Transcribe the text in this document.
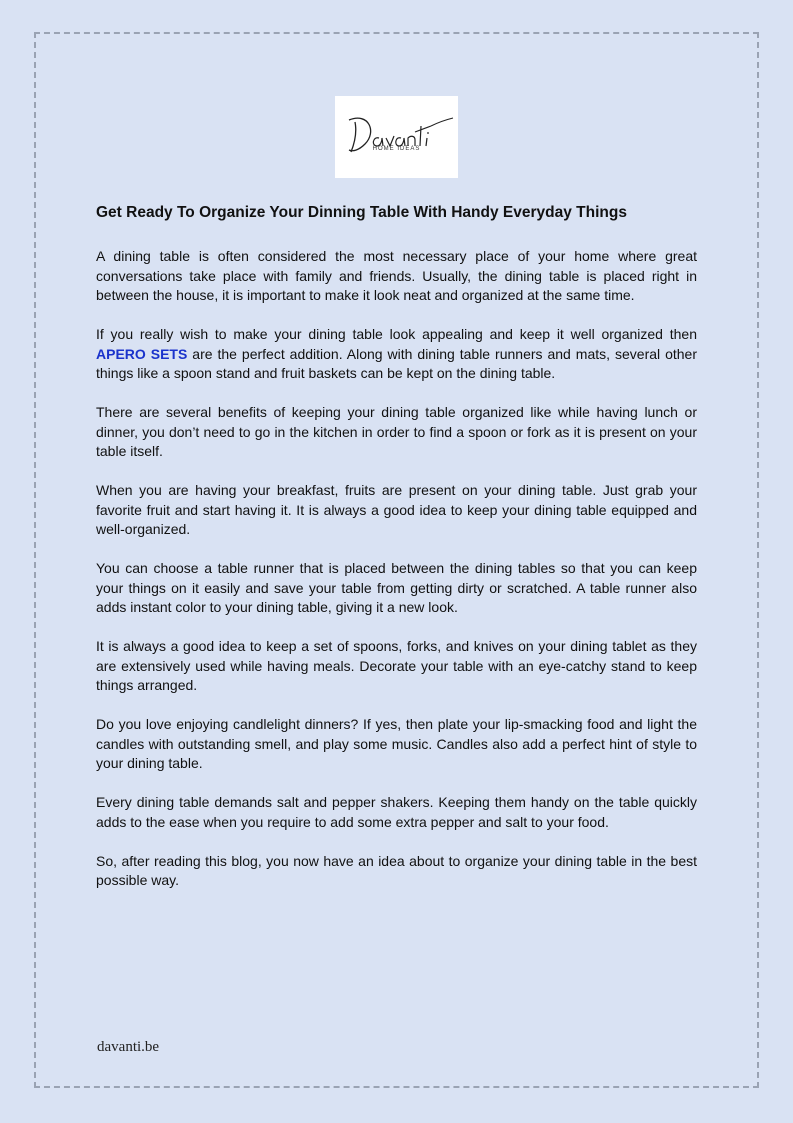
HOME IDEAS
Get Ready To Organize Your Dinning Table With Handy Everyday Things

A dining table is often considered the most necessary place of your home where great conversations take place with family and friends. Usually, the dining table is placed right in between the house, it is important to make it look neat and organized at the same time.

If you really wish to make your dining table look appealing and keep it well organized then APERO SETS are the perfect addition. Along with dining table runners and mats, several other things like a spoon stand and fruit baskets can be kept on the dining table.

There are several benefits of keeping your dining table organized like while having lunch or dinner, you don’t need to go in the kitchen in order to find a spoon or fork as it is present on your table itself.

When you are having your breakfast, fruits are present on your dining table. Just grab your favorite fruit and start having it. It is always a good idea to keep your dining table equipped and well-organized.

You can choose a table runner that is placed between the dining tables so that you can keep your things on it easily and save your table from getting dirty or scratched. A table runner also adds instant color to your dining table, giving it a new look.

It is always a good idea to keep a set of spoons, forks, and knives on your dining tablet as they are extensively used while having meals. Decorate your table with an eye-catchy stand to keep things arranged.

Do you love enjoying candlelight dinners? If yes, then plate your lip-smacking food and light the candles with outstanding smell, and play some music. Candles also add a perfect hint of style to your dining table.

Every dining table demands salt and pepper shakers. Keeping them handy on the table quickly adds to the ease when you require to add some extra pepper and salt to your food.

So, after reading this blog, you now have an idea about to organize your dining table in the best possible way.

davanti.be
